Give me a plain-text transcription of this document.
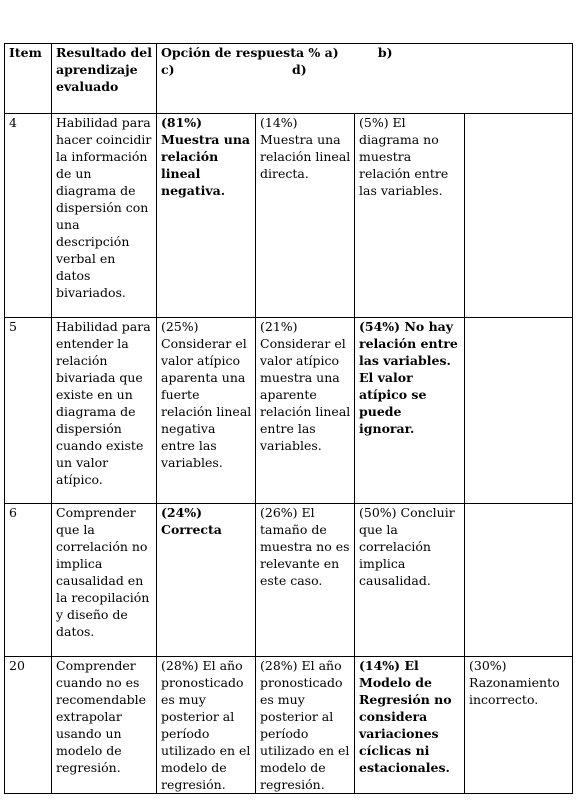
Item	Resultado del aprendizaje evaluado	Opción de respuesta % a)         b)
c)                           d)			

4	Habilidad para hacer coincidir la información de un diagrama de dispersión con una descripción verbal en datos bivariados.	(81%) Muestra una relación lineal negativa.	(14%) Muestra una relación lineal directa.	(5%) El diagrama no muestra relación entre las variables.	
5	Habilidad para entender la relación bivariada que existe en un diagrama de dispersión cuando existe un valor atípico.	(25%) Considerar el valor atípico aparenta una fuerte relación lineal negativa entre las variables.	(21%) Considerar el valor atípico muestra una aparente relación lineal entre las variables.	(54%) No hay relación entre las variables. El valor atípico se puede ignorar.	
6	Comprender que la correlación no implica causalidad en la recopilación y diseño de datos.	(24%) Correcta	(26%) El tamaño de muestra no es relevante en este caso.	(50%) Concluir que la correlación implica causalidad.	
20	Comprender cuando no es recomendable extrapolar usando un modelo de regresión.	(28%) El año pronosticado es muy posterior al período utilizado en el modelo de regresión.	(28%) El año pronosticado es muy posterior al período utilizado en el modelo de regresión.	(14%) El Modelo de Regresión no considera variaciones cíclicas ni estacionales.	(30%) Razonamiento incorrecto.
